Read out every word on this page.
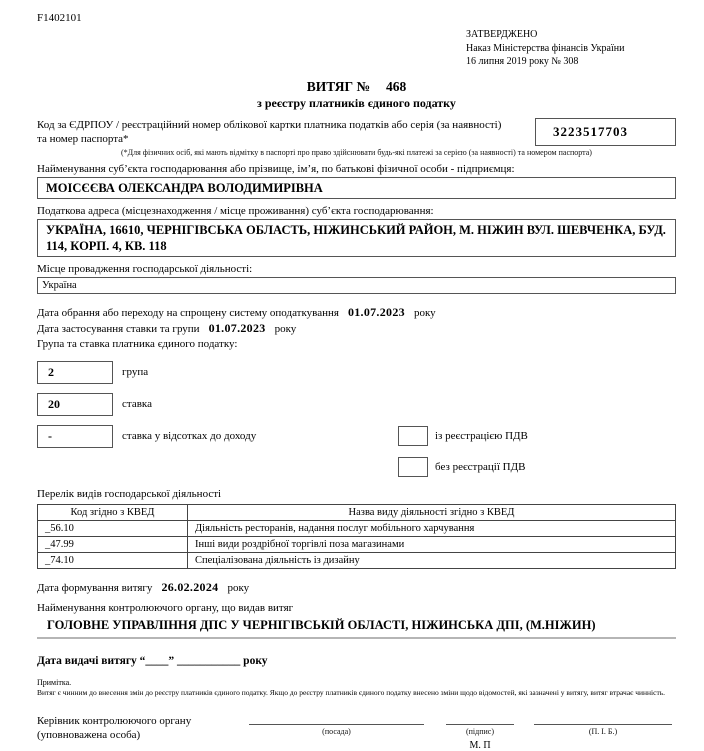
F1402101
ЗАТВЕРДЖЕНО
Наказ Міністерства фінансів України
16 липня 2019 року № 308
ВИТЯГ № 468
з реєстру платників єдиного податку
Код за ЄДРПОУ / реєстраційний номер облікової картки платника податків або серія (за наявності) та номер паспорта*	3223517703
(*Для фізичних осіб, які мають відмітку в паспорті про право здійснювати будь-які платежі за серією (за наявності) та номером паспорта)
Найменування суб’єкта господарювання або прізвище, ім’я, по батькові фізичної особи - підприємця:
МОІСЄЄВА ОЛЕКСАНДРА ВОЛОДИМИРІВНА
Податкова адреса (місцезнаходження / місце проживання) суб’єкта господарювання:
УКРАЇНА, 16610, ЧЕРНІГІВСЬКА ОБЛАСТЬ, НІЖИНСЬКИЙ РАЙОН, М. НІЖИН ВУЛ. ШЕВЧЕНКА, БУД. 114, КОРП. 4, КВ. 118
Місце провадження господарської діяльності:
Україна
Дата обрання або переходу на спрощену систему оподаткування 01.07.2023 року
Дата застосування ставки та групи 01.07.2023 року
Група та ставка платника єдиного податку:
2	група
20	ставка
-	ставка у відсотках до доходу	із реєстрацією ПДВ
без реєстрації ПДВ
Перелік видів господарської діяльності
Код згідно з КВЕД	Назва виду діяльності згідно з КВЕД
_56.10	Діяльність ресторанів, надання послуг мобільного харчування
_47.99	Інші види роздрібної торгівлі поза магазинами
_74.10	Спеціалізована діяльність із дизайну
Дата формування витягу 26.02.2024 року
Найменування контролюючого органу, що видав витяг
ГОЛОВНЕ УПРАВЛІННЯ ДПС У ЧЕРНІГІВСЬКІЙ ОБЛАСТІ, НІЖИНСЬКА ДПІ, (М.НІЖИН)
Дата видачі витягу “____” ___________ року
Примітка.
Витяг є чинним до внесення змін до реєстру платників єдиного податку. Якщо до реєстру платників єдиного податку внесено зміни щодо відомостей, які зазначені у витягу, витяг втрачає чинність.
Керівник контролюючого органу
(уповноважена особа)	(посада)	(підпис)
М. П
(П. І. Б.)
